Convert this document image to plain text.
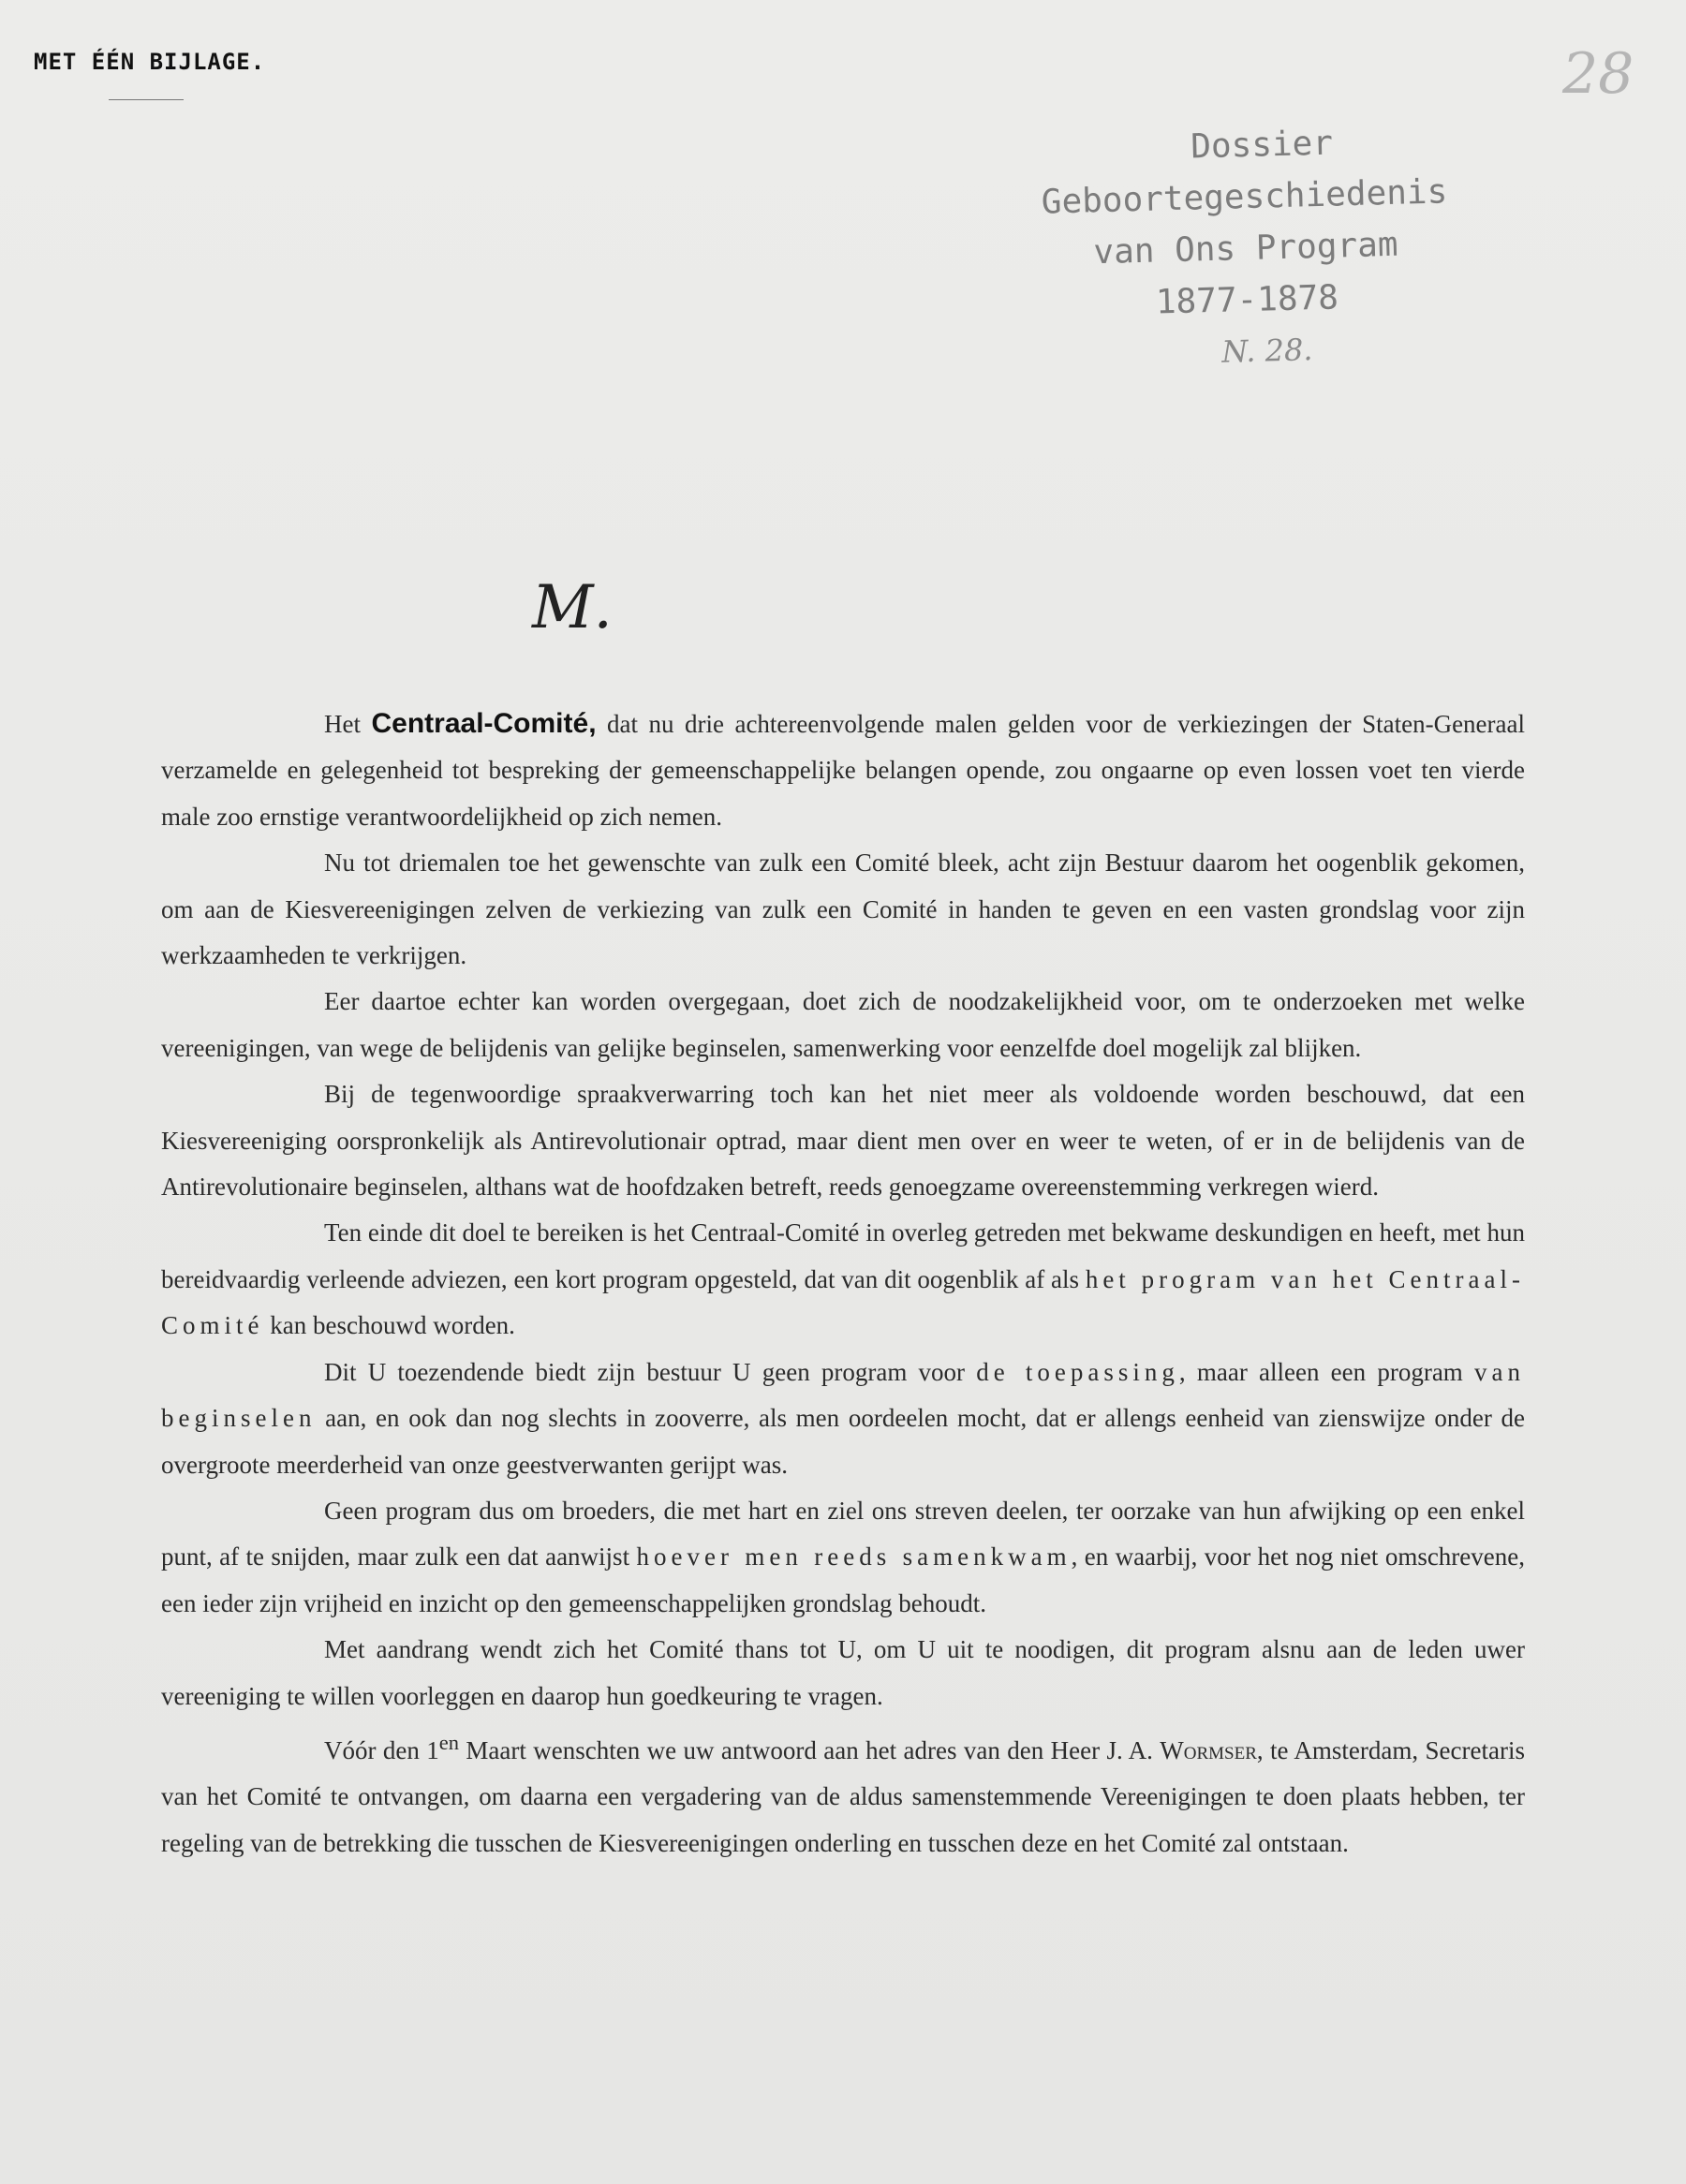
MET ÉÉN BIJLAGE.	28
Dossier
Geboortegeschiedenis
van Ons Program
1877-1878
N. 28.
M.

Het Centraal-Comité, dat nu drie achtereenvolgende malen gelden voor de verkiezingen der Staten-Generaal verzamelde en gelegenheid tot bespreking der gemeenschappelijke belangen opende, zou ongaarne op even lossen voet ten vierde male zoo ernstige verantwoordelijkheid op zich nemen.

Nu tot driemalen toe het gewenschte van zulk een Comité bleek, acht zijn Bestuur daarom het oogenblik gekomen, om aan de Kiesvereenigingen zelven de verkiezing van zulk een Comité in handen te geven en een vasten grondslag voor zijn werkzaamheden te verkrijgen.

Eer daartoe echter kan worden overgegaan, doet zich de noodzakelijkheid voor, om te onderzoeken met welke vereenigingen, van wege de belijdenis van gelijke beginselen, samenwerking voor eenzelfde doel mogelijk zal blijken.

Bij de tegenwoordige spraakverwarring toch kan het niet meer als voldoende worden beschouwd, dat een Kiesvereeniging oorspronkelijk als Antirevolutionair optrad, maar dient men over en weer te weten, of er in de belijdenis van de Antirevolutionaire beginselen, althans wat de hoofdzaken betreft, reeds genoegzame overeenstemming verkregen wierd.

Ten einde dit doel te bereiken is het Centraal-Comité in overleg getreden met bekwame deskundigen en heeft, met hun bereidvaardig verleende adviezen, een kort program opgesteld, dat van dit oogenblik af als het program van het Centraal-Comité kan beschouwd worden.

Dit U toezendende biedt zijn bestuur U geen program voor de toepassing, maar alleen een program van beginselen aan, en ook dan nog slechts in zooverre, als men oordeelen mocht, dat er allengs eenheid van zienswijze onder de overgroote meerderheid van onze geestverwanten gerijpt was.

Geen program dus om broeders, die met hart en ziel ons streven deelen, ter oorzake van hun afwijking op een enkel punt, af te snijden, maar zulk een dat aanwijst hoever men reeds samenkwam, en waarbij, voor het nog niet omschrevene, een ieder zijn vrijheid en inzicht op den gemeenschappelijken grondslag behoudt.

Met aandrang wendt zich het Comité thans tot U, om U uit te noodigen, dit program alsnu aan de leden uwer vereeniging te willen voorleggen en daarop hun goedkeuring te vragen.

Vóór den $1^{en}$ Maart wenschten we uw antwoord aan het adres van den Heer J. A. Wormser, te Amsterdam, Secretaris van het Comité te ontvangen, om daarna een vergadering van de aldus samenstemmende Vereenigingen te doen plaats hebben, ter regeling van de betrekking die tusschen de Kiesvereenigingen onderling en tusschen deze en het Comité zal ontstaan.
